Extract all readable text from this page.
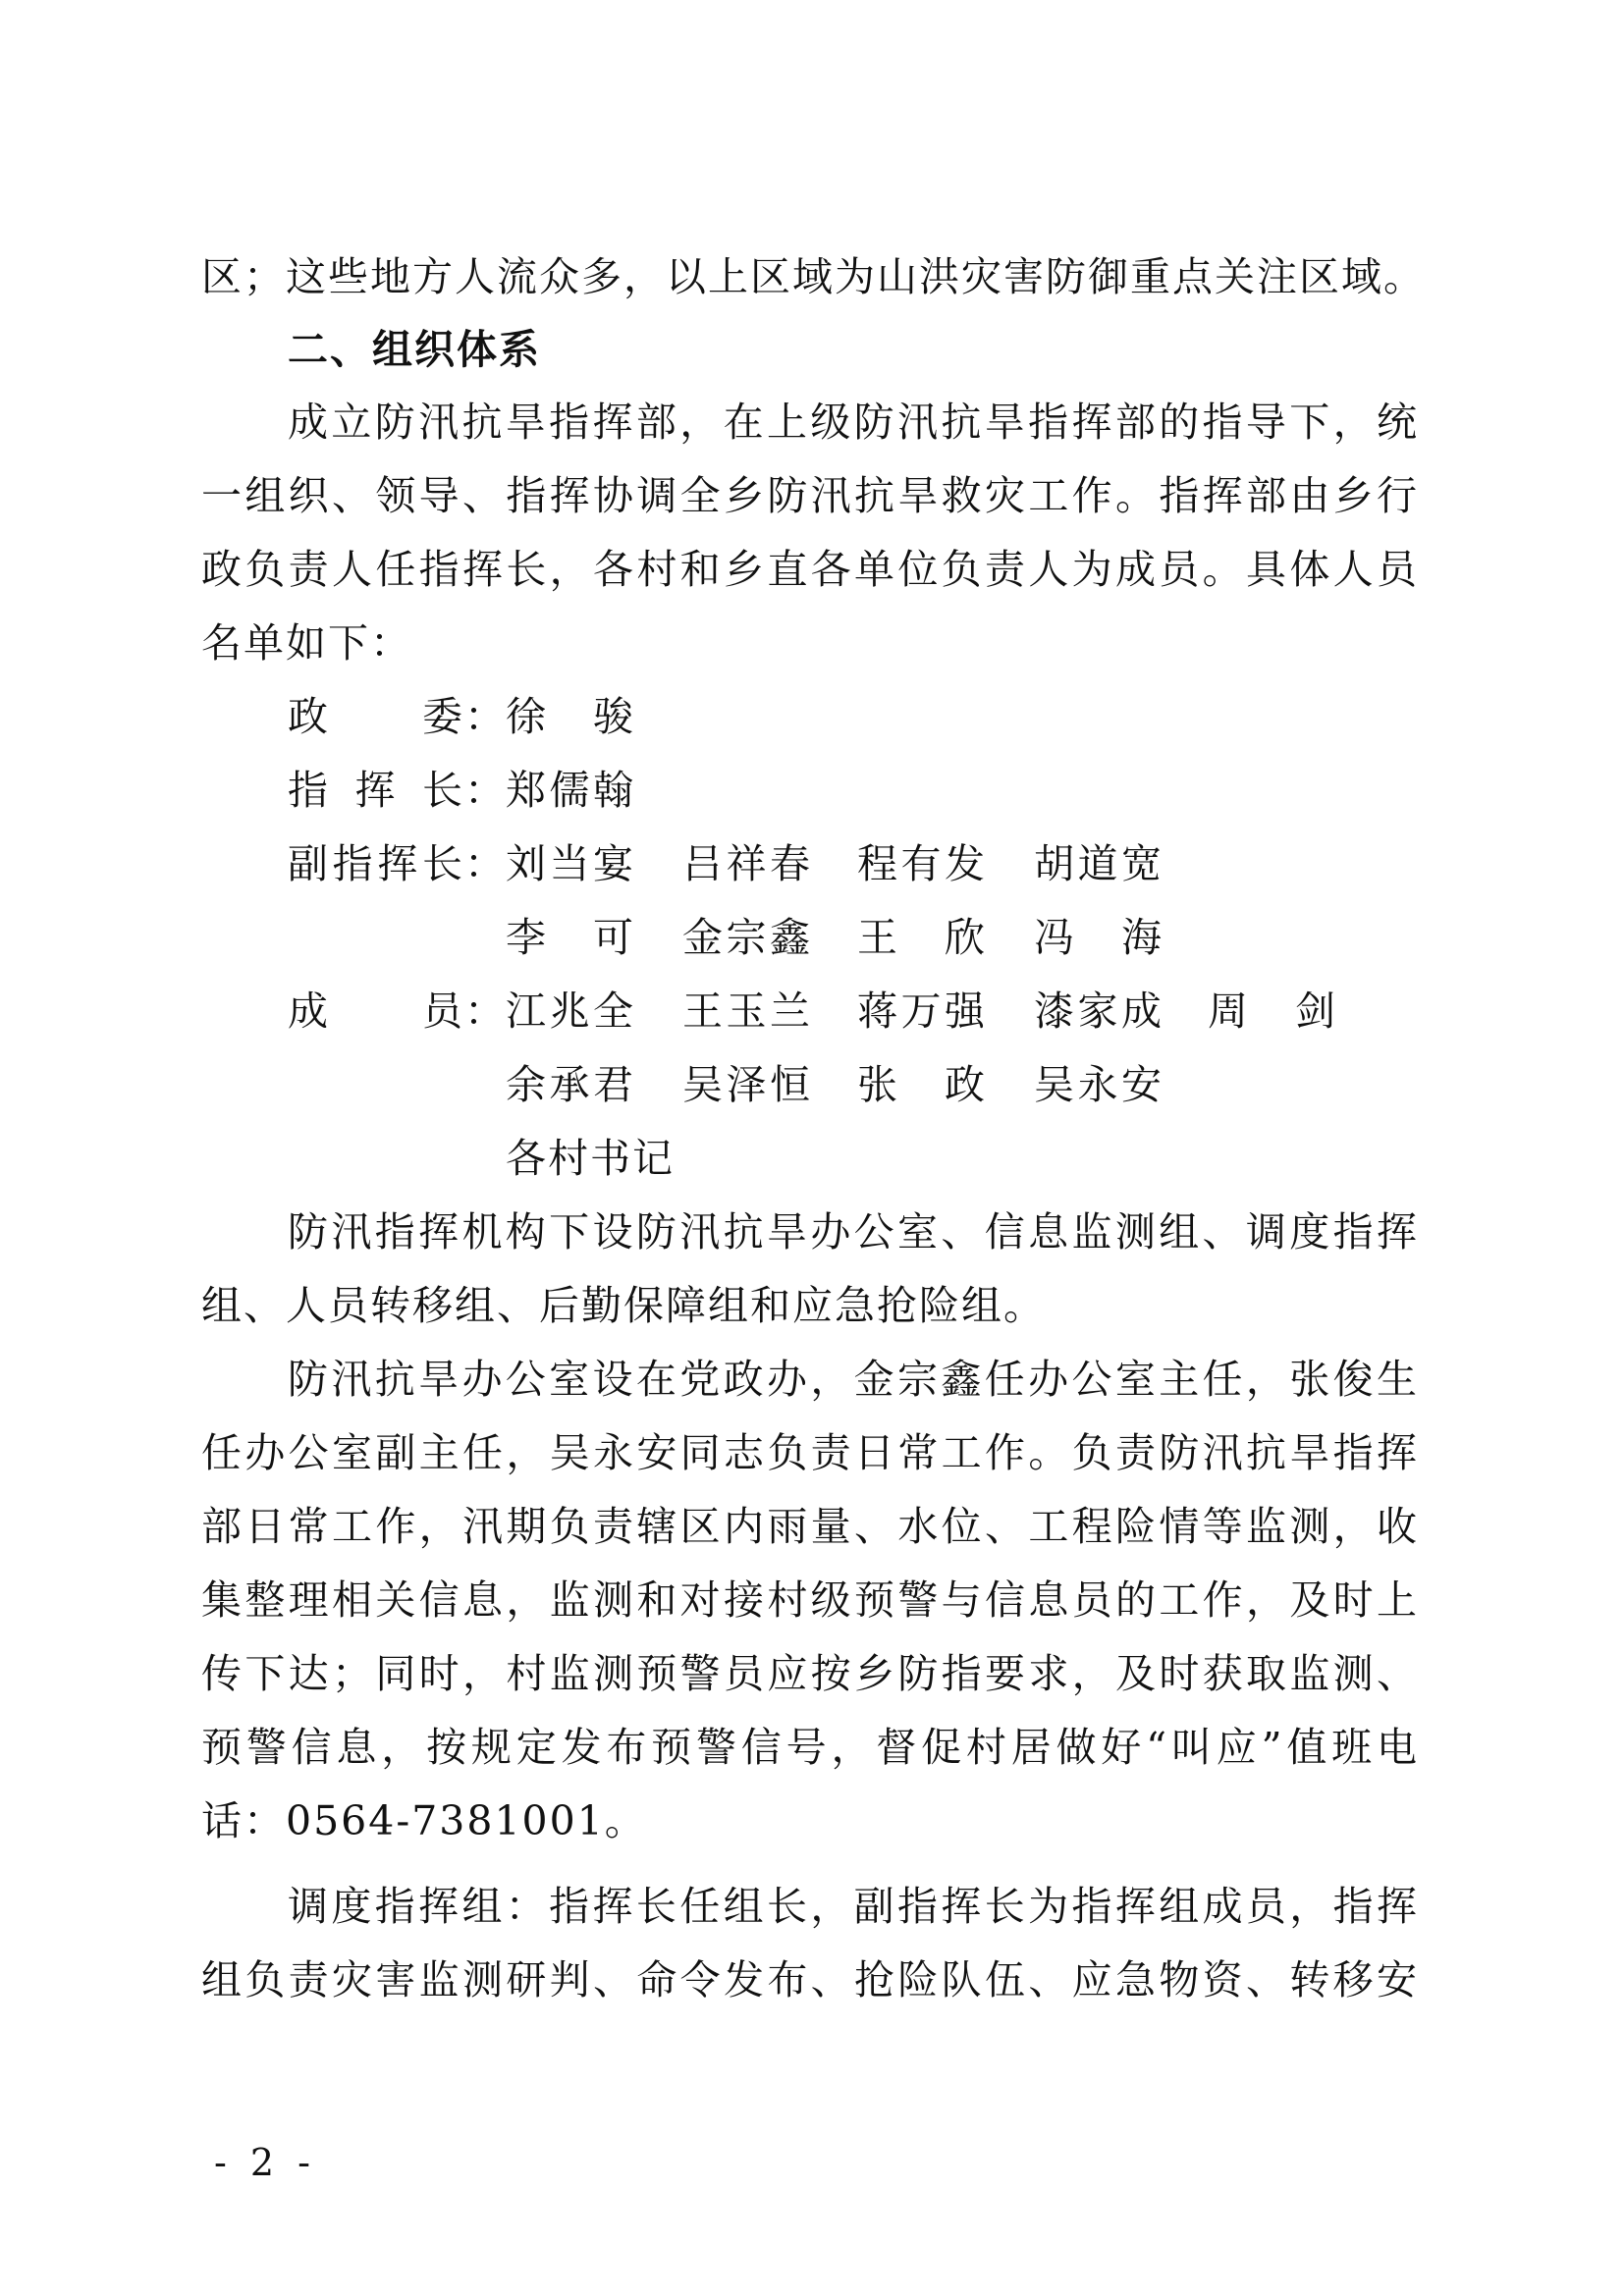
区；这些地方人流众多，以上区域为山洪灾害防御重点关注区域。
二、组织体系
成立防汛抗旱指挥部，在上级防汛抗旱指挥部的指导下，统
一组织、领导、指挥协调全乡防汛抗旱救灾工作。指挥部由乡行
政负责人任指挥长，各村和乡直各单位负责人为成员。具体人员
名单如下：
政委 ： 徐骏
指挥长 ： 郑儒翰
副指挥长 ： 刘当宴 吕祥春 程有发 胡道宽
李可 金宗鑫 王欣 冯海
成员 ： 江兆全 王玉兰 蒋万强 漆家成 周剑
余承君 吴泽恒 张政 吴永安
各村书记
防汛指挥机构下设防汛抗旱办公室、信息监测组、调度指挥
组、人员转移组、后勤保障组和应急抢险组。
防汛抗旱办公室设在党政办，金宗鑫任办公室主任，张俊生
任办公室副主任，吴永安同志负责日常工作。负责防汛抗旱指挥
部日常工作，汛期负责辖区内雨量、水位、工程险情等监测，收
集整理相关信息，监测和对接村级预警与信息员的工作，及时上
传下达；同时，村监测预警员应按乡防指要求，及时获取监测、
预警信息，按规定发布预警信号，督促村居做好“叫应”值班电
话：0564-7381001。
调度指挥组：指挥长任组长，副指挥长为指挥组成员，指挥
组负责灾害监测研判、命令发布、抢险队伍、应急物资、转移安
- 2 -
